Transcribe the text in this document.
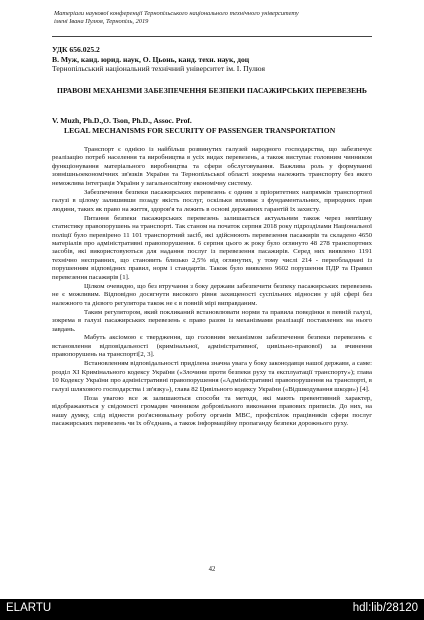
Матеріали наукової конференції Тернопільського національного технічного університету
імені Івана Пулюя, Тернопіль, 2019
УДК 656.025.2
В. Муж, канд. юрид. наук, О. Цьонь, канд. техн. наук, доц
Тернопільський національний технічний університет ім. І. Пулюя
ПРАВОВІ МЕХАНІЗМИ ЗАБЕЗПЕЧЕННЯ БЕЗПЕКИ ПАСАЖИРСЬКИХ ПЕРЕВЕЗЕНЬ
V. Muzh, Ph.D.,O. Tson, Ph.D., Assoc. Prof.
LEGAL MECHANISMS FOR SECURITY OF PASSENGER TRANSPORTATION

Транспорт є однією із найбільш розвинутих галузей народного господарства, що забезпечує реалізацію потреб населення та виробництва в усіх видах перевезень, а також виступає головним чинником функціонування матеріального виробництва та сфери обслуговування. Важлива роль у формуванні зовнішньоекономічних зв'язків України та Тернопільської області зокрема належить транспорту без якого неможлива інтеграція України у загальносвітову економічну систему.

Забезпечення безпеки пасажирських перевезень є одним з пріоритетних напрямків транспортної галузі в цілому залишивши позаду якість послуг, оскільки впливає з фундаментальних, природних прав людини, таких як право на життя, здоров'я та лежить в основі державних гарантій їх захисту.

Питання безпеки пасажирських перевезень залишається актуальним також через невтішну статистику правопорушень на транспорті. Так станом на початок серпня 2018 року підрозділами Національної поліції було перевірено 11 101 транспортний засіб, які здійснюють перевезення пасажирів та складено 4650 матеріалів про адміністративні правопорушення. 6 серпня цього ж року було оглянуто 48 278 транспортних засобів, які використовуються для надання послуг із перевезення пасажирів. Серед них виявлено 1191 технічно несправних, що становить близько 2,5% від оглянутих, у тому числі 214 - переобладнані із порушенням відповідних правил, норм і стандартів. Також було виявлено 9602 порушення ПДР та Правил перевезення пасажирів [1].

Цілком очевидно, що без втручання з боку держави забезпечити безпеку пасажирських перевезень не є можливим. Відповідно досягнути високого рівня захищеності суспільних відносин у цій сфері без належного та дієвого регулятора також не є в повній мірі виправданим.

Таким регулятором, який покликаний встановлювати норми та правила поведінки в певній галузі, зокрема в галузі пасажирських перевезень є право разом із механізмами реалізації поставлених на нього завдань.

Мабуть аксіомою є твердження, що головним механізмом забезпечення безпеки перевезень є встановлення відповідальності (кримінальної, адміністративної, цивільно-правової) за вчинення правопорушень на транспорті[2, 3].

Встановленням відповідальності приділена значна увага у боку законодавця нашої держави, а саме: розділ XI Кримінального кодексу України («Злочини проти безпеки руху та експлуатації транспорту»); глава 10 Кодексу України про адміністративні правопорушення («Адміністративні правопорушення на транспорті, в галузі шляхового господарства і зв'язку»), глава 82 Цивільного кодексу України («Відшкодування шкоди») [4].

Поза увагою все ж залишаються способи та методи, які мають превентивний характер, відображаються у свідомості громадян чинником добровільного виконання правових приписів. До них, на нашу думку, слід віднести роз'яснювальну роботу органів МВС, профспілок працівників сфери послуг пасажирських перевезень чи їх об'єднань, а також інформаційну пропаганду безпеки дорожнього руху.

42
ELARTU	hdl:lib/28120
